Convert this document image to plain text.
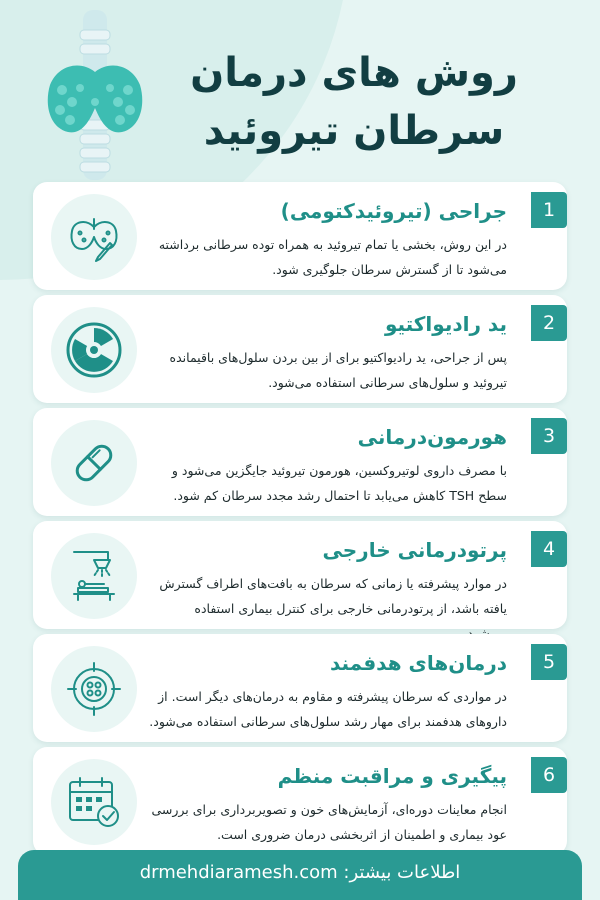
روش های درمان سرطان تیروئید
1
جراحی (تیروئیدکتومی)
در این روش، بخشی یا تمام تیروئید به همراه توده سرطانی برداشته می‌شود تا از گسترش سرطان جلوگیری شود.
2
ید رادیواکتیو
پس از جراحی، ید رادیواکتیو برای از بین بردن سلول‌های باقیمانده تیروئید و سلول‌های سرطانی استفاده می‌شود.
3
هورمون‌درمانی
با مصرف داروی لوتیروکسین، هورمون تیروئید جایگزین می‌شود و سطح TSH کاهش می‌یابد تا احتمال رشد مجدد سرطان کم شود.
4
پرتودرمانی خارجی
در موارد پیشرفته یا زمانی که سرطان به بافت‌های اطراف گسترش یافته باشد، از پرتودرمانی خارجی برای کنترل بیماری استفاده
5
درمان‌های هدفمند
در مواردی که سرطان پیشرفته و مقاوم به درمان‌های دیگر است. از داروهای هدفمند برای مهار رشد سلول‌های سرطانی استفاده می‌شود.
6
پیگیری و مراقبت منظم
انجام معاینات دوره‌ای، آزمایش‌های خون و تصویربرداری برای بررسی عود بیماری و اطمینان از اثربخشی درمان ضروری است.
اطلاعات بیشتر: drmehdiaramesh.com
